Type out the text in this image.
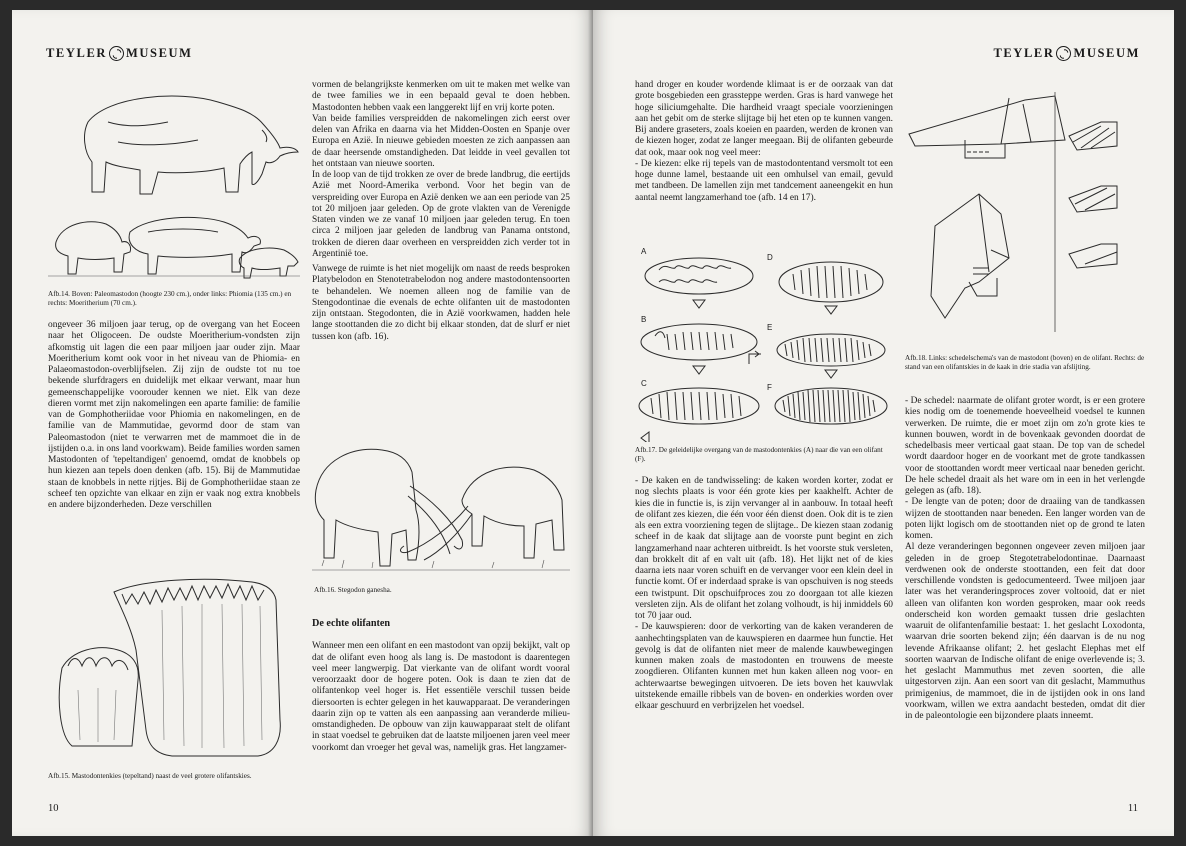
TEYLER MUSEUM
Afb.14. Boven: Paleomastodon (hoogte 230 cm.), onder links: Phiomia (135 cm.) en rechts: Moeritherium (70 cm.).

ongeveer 36 miljoen jaar terug, op de overgang van het Eoceen naar het Oligoceen. De oudste Moeritherium-vondsten zijn afkomstig uit lagen die een paar miljoen jaar ouder zijn. Maar Moeritherium komt ook voor in het niveau van de Phiomia- en Palaeomastodon-overblijfselen. Zij zijn de oudste tot nu toe bekende slurfdragers en duidelijk met elkaar verwant, maar hun gemeenschappelijke voorouder kennen we niet. Elk van deze dieren vormt met zijn nakomelingen een aparte familie: de familie van de Gomphotheriidae voor Phiomia en nakomelingen, en de familie van de Mammutidae, gevormd door de stam van Paleomastodon (niet te verwarren met de mammoet die in de ijstijden o.a. in ons land voorkwam). Beide families worden samen Mastodonten of 'tepeltandigen' genoemd, omdat de knobbels op hun kiezen aan tepels doen denken (afb. 15). Bij de Mammutidae staan de knobbels in nette rijtjes. Bij de Gomphotheriidae staan ze scheef ten opzichte van elkaar en zijn er vaak nog extra knobbels en andere bijzonderheden. Deze verschillen

Afb.15. Mastodontenkies (tepeltand) naast de veel grotere olifantskies.

vormen de belangrijkste kenmerken om uit te maken met welke van de twee families we in een bepaald geval te doen hebben. Mastodonten hebben vaak een langgerekt lijf en vrij korte poten.

Van beide families verspreidden de nakomelingen zich eerst over delen van Afrika en daarna via het Midden-Oosten en Spanje over Europa en Azië. In nieuwe gebieden moesten ze zich aanpassen aan de daar heersende omstandigheden. Dat leidde in veel gevallen tot het ontstaan van nieuwe soorten.

In de loop van de tijd trokken ze over de brede landbrug, die eertijds Azië met Noord-Amerika verbond. Voor het begin van de verspreiding over Europa en Azië denken we aan een periode van 25 tot 20 miljoen jaar geleden. Op de grote vlakten van de Verenigde Staten vinden we ze vanaf 10 miljoen jaar geleden terug. En toen circa 2 miljoen jaar geleden de landbrug van Panama ontstond, trokken de dieren daar overheen en verspreidden zich verder tot in Argentinië toe.

Vanwege de ruimte is het niet mogelijk om naast de reeds besproken Platybelodon en Stenotetrabelodon nog andere mastodontensoorten te behandelen. We noemen alleen nog de familie van de Stengodontinae die evenals de echte olifanten uit de mastodonten zijn ontstaan. Stegodonten, die in Azië voorkwamen, hadden hele lange stoottanden die zo dicht bij elkaar stonden, dat de slurf er niet tussen kon (afb. 16).

Afb.16. Stegodon ganesha.
De echte olifanten

Wanneer men een olifant en een mastodont van opzij bekijkt, valt op dat de olifant even hoog als lang is. De mastodont is daarentegen veel meer langwerpig. Dat vierkante van de olifant wordt vooral veroorzaakt door de hogere poten. Ook is daan te zien dat de olifantenkop veel hoger is. Het essentiële verschil tussen beide diersoorten is echter gelegen in het kauwapparaat. De veranderingen daarin zijn op te vatten als een aanpassing aan veranderde milieu-omstandigheden. De opbouw van zijn kauwapparaat stelt de olifant in staat voedsel te gebruiken dat de laatste miljoenen jaren veel meer voorkomt dan vroeger het geval was, namelijk gras. Het langzamer-

10
TEYLER MUSEUM

hand droger en kouder wordende klimaat is er de oorzaak van dat grote bosgebieden een grassteppe werden. Gras is hard vanwege het hoge siliciumgehalte. Die hardheid vraagt speciale voorzieningen aan het gebit om de sterke slijtage bij het eten op te kunnen vangen. Bij andere graseters, zoals koeien en paarden, werden de kronen van de kiezen hoger, zodat ze langer meegaan. Bij de olifanten gebeurde dat ook, maar ook nog veel meer:

- De kiezen: elke rij tepels van de mastodontentand versmolt tot een hoge dunne lamel, bestaande uit een omhulsel van email, gevuld met tandbeen. De lamellen zijn met tandcement aaneengekit en hun aantal neemt langzamerhand toe (afb. 14 en 17).

A
B
C
D
E
F
Afb.17. De geleidelijke overgang van de mastodontenkies (A) naar die van een olifant (F).

- De kaken en de tandwisseling: de kaken worden korter, zodat er nog slechts plaats is voor één grote kies per kaakhelft. Achter de kies die in functie is, is zijn vervanger al in aanbouw. In totaal heeft de olifant zes kiezen, die één voor één dienst doen. Ook dit is te zien als een extra voorziening tegen de slijtage.. De kiezen staan zodanig scheef in de kaak dat slijtage aan de voorste punt begint en zich langzamerhand naar achteren uitbreidt. Is het voorste stuk versleten, dan brokkelt dit af en valt uit (afb. 18). Het lijkt net of de kies daarna iets naar voren schuift en de vervanger voor een klein deel in functie komt. Of er inderdaad sprake is van opschuiven is nog steeds een twistpunt. Dit opschuifproces zou zo doorgaan tot alle kiezen versleten zijn. Als de olifant het zolang volhoudt, is hij inmiddels 60 tot 70 jaar oud.

- De kauwspieren: door de verkorting van de kaken veranderen de aanhechtingsplaten van de kauwspieren en daarmee hun functie. Het gevolg is dat de olifanten niet meer de malende kauwbewegingen kunnen maken zoals de mastodonten en trouwens de meeste zoogdieren. Olifanten kunnen met hun kaken alleen nog voor- en achterwaartse bewegingen uitvoeren. De iets boven het kauwvlak uitstekende emaille ribbels van de boven- en onderkies worden over elkaar geschuurd en verbrijzelen het voedsel.

Afb.18. Links: schedelschema's van de mastodont (boven) en de olifant. Rechts: de stand van een olifantskies in de kaak in drie stadia van afslijting.

- De schedel: naarmate de olifant groter wordt, is er een grotere kies nodig om de toenemende hoeveelheid voedsel te kunnen verwerken. De ruimte, die er moet zijn om zo'n grote kies te kunnen bouwen, wordt in de bovenkaak gevonden doordat de schedelbasis meer verticaal gaat staan. De top van de schedel wordt daardoor hoger en de voorkant met de grote tandkassen voor de stoottanden wordt meer verticaal naar beneden gericht. De hele schedel draait als het ware om in een in het verlengde gelegen as (afb. 18).

- De lengte van de poten; door de draaiing van de tandkassen wijzen de stoottanden naar beneden. Een langer worden van de poten lijkt logisch om de stoottanden niet op de grond te laten komen.

Al deze veranderingen begonnen ongeveer zeven miljoen jaar geleden in de groep Stegotetrabelodontinae. Daarnaast verdwenen ook de onderste stoottanden, een feit dat door verschillende vondsten is gedocumenteerd. Twee miljoen jaar later was het veranderingsproces zover voltooid, dat er niet alleen van olifanten kon worden gesproken, maar ook reeds onderscheid kon worden gemaakt tussen drie geslachten waaruit de olifantenfamilie bestaat: 1. het geslacht Loxodonta, waarvan drie soorten bekend zijn; één daarvan is de nu nog levende Afrikaanse olifant; 2. het geslacht Elephas met elf soorten waarvan de Indische olifant de enige overlevende is; 3. het geslacht Mammuthus met zeven soorten, die alle uitgestorven zijn. Aan een soort van dit geslacht, Mammuthus primigenius, de mammoet, die in de ijstijden ook in ons land voorkwam, willen we extra aandacht besteden, omdat dit dier in de paleontologie een bijzondere plaats inneemt.

11
